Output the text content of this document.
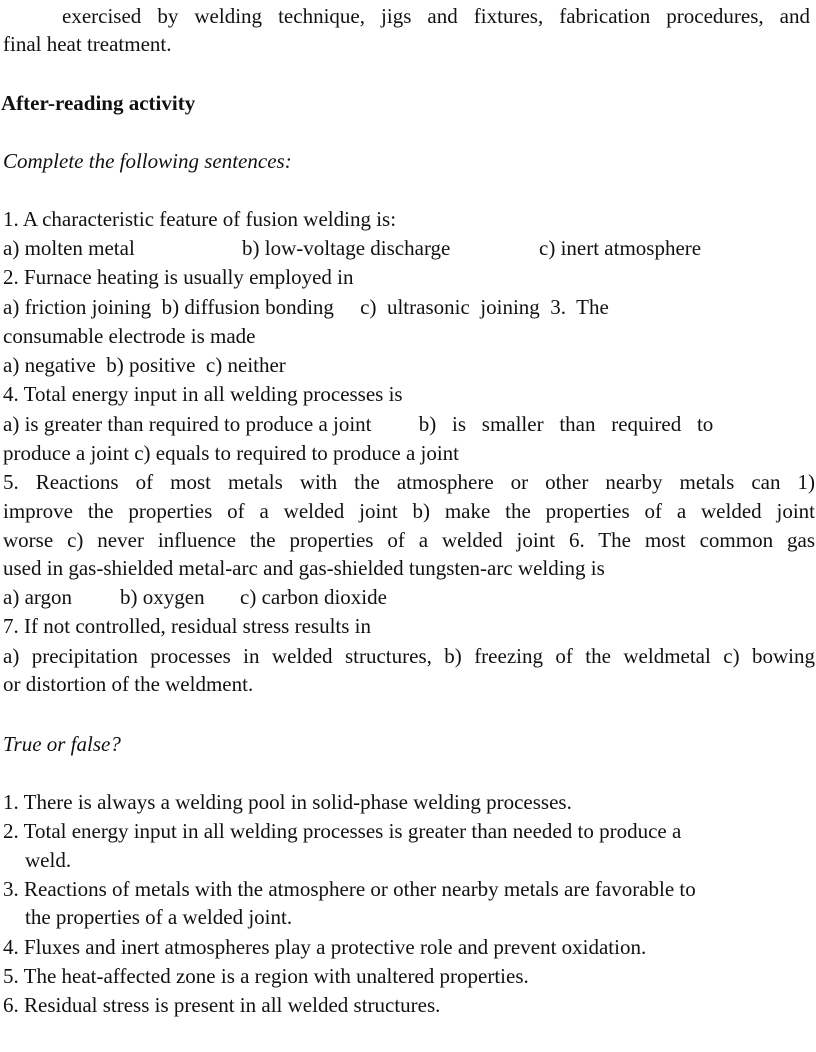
exercised by welding technique, jigs and fixtures, fabrication procedures, and

final heat treatment.

After-reading activity

Complete the following sentences:

1. A characteristic feature of fusion welding is:

a) molten metal	b) low-voltage discharge	c) inert atmosphere

2. Furnace heating is usually employed in

a) friction joining  b) diffusion bonding     c)  ultrasonic  joining  3.  The

consumable electrode is made

a) negative  b) positive  c) neither

4. Total energy input in all welding processes is

a) is greater than required to produce a joint         b)   is   smaller   than   required   to

produce a joint c) equals to required to produce a joint

5. Reactions of most metals with the atmosphere or other nearby metals can 1)

improve the properties of a welded joint b) make the properties of a welded joint

worse c) never influence the properties of a welded joint 6. The most common gas

used in gas-shielded metal-arc and gas-shielded tungsten-arc welding is

a) argon b) oxygen c) carbon dioxide

7. If not controlled, residual stress results in

a) precipitation processes in welded structures, b) freezing of the weldmetal c) bowing

or distortion of the weldment.

True or false?

1. There is always a welding pool in solid-phase welding processes.

2. Total energy input in all welding processes is greater than needed to produce a

weld.

3. Reactions of metals with the atmosphere or other nearby metals are favorable to

the properties of a welded joint.

4. Fluxes and inert atmospheres play a protective role and prevent oxidation.

5. The heat-affected zone is a region with unaltered properties.

6. Residual stress is present in all welded structures.
